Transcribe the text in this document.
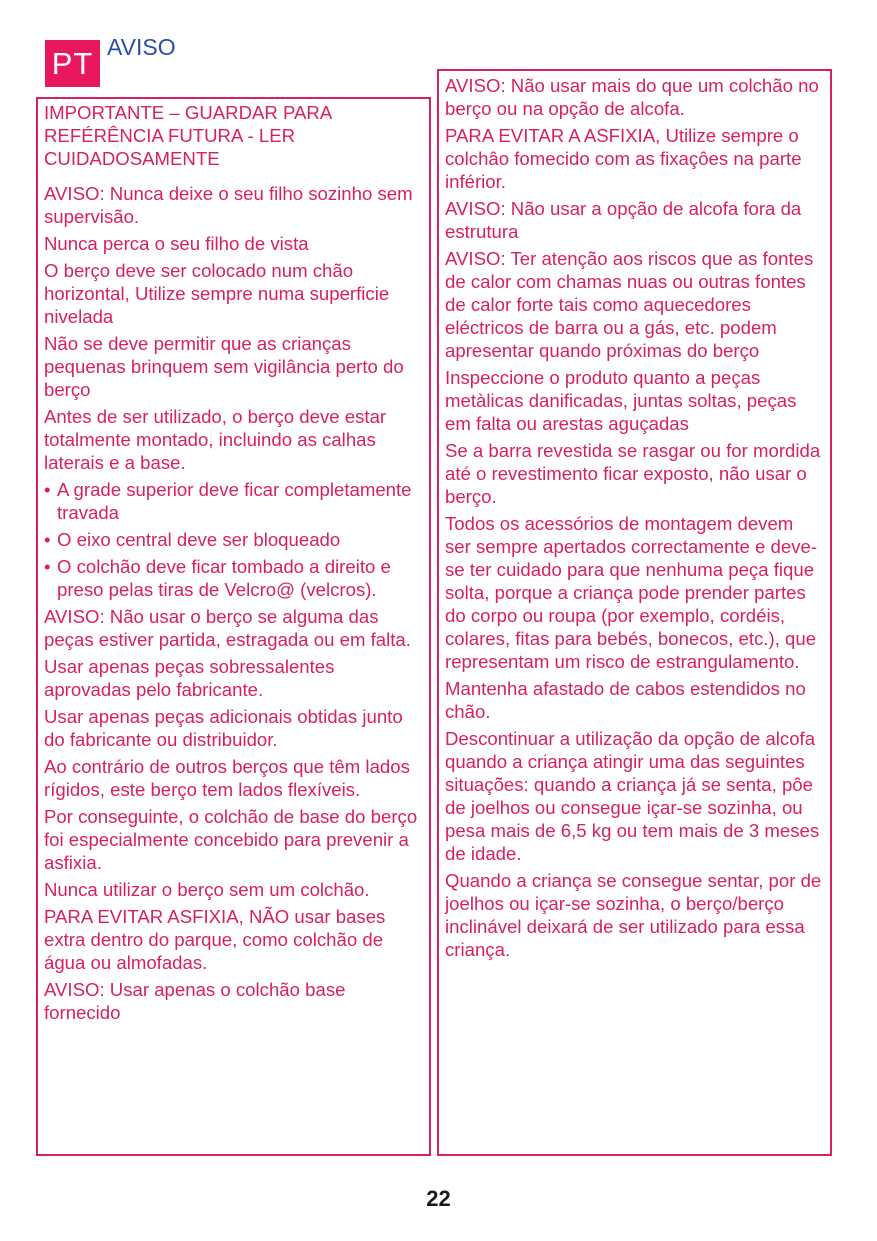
PT AVISO

IMPORTANTE – GUARDAR PARA REFÉRÊNCIA FUTURA - LER CUIDADOSAMENTE

AVISO: Nunca deixe o seu filho sozinho sem supervisão.

Nunca perca o seu filho de vista

O berço deve ser colocado num chão horizontal, Utilize sempre numa superficie nivelada

Não se deve permitir que as crianças pequenas brinquem sem vigilância perto do berço

Antes de ser utilizado, o berço deve estar totalmente montado, incluindo as calhas laterais e a base.

• A grade superior deve ficar completamente travada

• O eixo central deve ser bloqueado

• O colchão deve ficar tombado a direito e preso pelas tiras de Velcro@ (velcros).

AVISO: Não usar o berço se alguma das peças estiver partida, estragada ou em falta.

Usar apenas peças sobressalentes aprovadas pelo fabricante.

Usar apenas peças adicionais obtidas junto do fabricante ou distribuidor.

Ao contrário de outros berços que têm lados rígidos, este berço tem lados flexíveis.

Por conseguinte, o colchão de base do berço foi especialmente concebido para prevenir a asfixia.

Nunca utilizar o berço sem um colchão.

PARA EVITAR ASFIXIA, NÃO usar bases extra dentro do parque, como colchão de água ou almofadas.

AVISO: Usar apenas o colchão base fornecido

AVISO: Não usar mais do que um colchão no berço ou na opção de alcofa.

PARA EVITAR A ASFIXIA, Utilize sempre o colchâo fomecido com as fixaçôes na parte inférior.

AVISO: Não usar a opção de alcofa fora da estrutura

AVISO: Ter atenção aos riscos que as fontes de calor com chamas nuas ou outras fontes de calor forte tais como aquecedores eléctricos de barra ou a gás, etc. podem apresentar quando próximas do berço

Inspeccione o produto quanto a peças metàlicas danificadas, juntas soltas, peças em falta ou arestas aguçadas

Se a barra revestida se rasgar ou for mordida até o revestimento ficar exposto, não usar o berço.

Todos os acessórios de montagem devem ser sempre apertados correctamente e deve-se ter cuidado para que nenhuma peça fique solta, porque a criança pode prender partes do corpo ou roupa (por exemplo, cordéis, colares, fitas para bebés, bonecos, etc.), que representam um risco de estrangulamento.

Mantenha afastado de cabos estendidos no chão.

Descontinuar a utilização da opção de alcofa quando a criança atingir uma das seguintes situações: quando a criança já se senta, pôe de joelhos ou consegue içar-se sozinha, ou pesa mais de 6,5 kg ou tem mais de 3 meses de idade.

Quando a criança se consegue sentar, por de joelhos ou içar-se sozinha, o berço/berço inclinável deixará de ser utilizado para essa criança.

22
